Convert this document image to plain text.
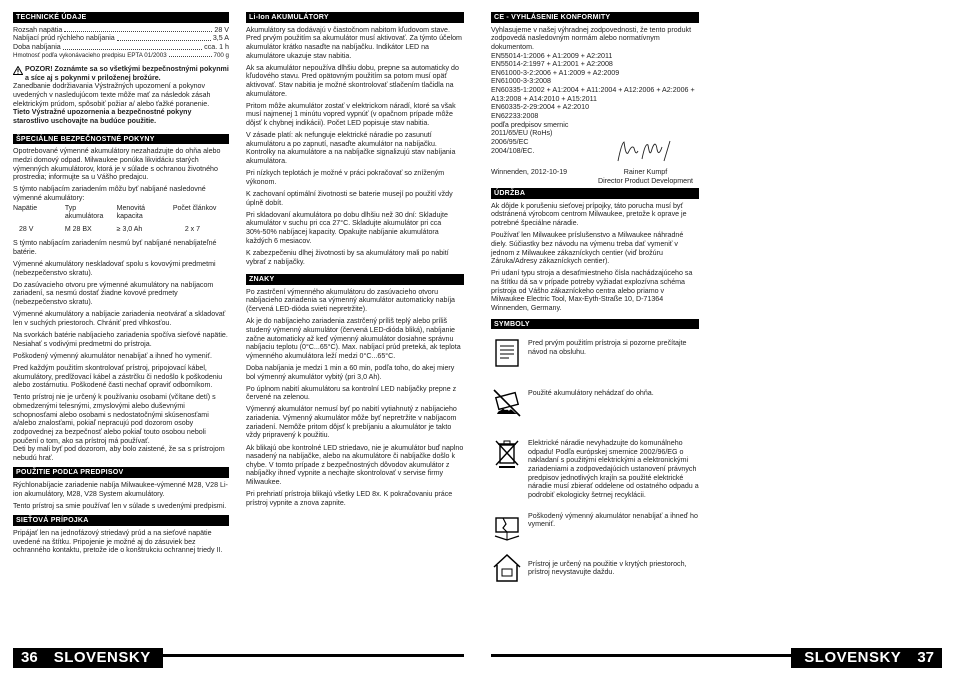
TECHNICKÉ ÚDAJE
Rozsah napätia	28 V
Nabíjací prúd rýchleho nabíjania	3,5 A
Doba nabíjania	cca. 1 h
Hmotnosť podľa vykonávacieho predpisu EPTA 01/2003	700 g

POZOR! Zoznámte sa so všetkými bezpečnostnými pokynmi a síce aj s pokynmi v priloženej brožúre.

Zanedbanie dodržiavania Výstražných upozornení a pokynov uvedených v nasledujúcom texte môže mať za následok zásah elektrickým prúdom, spôsobiť požiar a/ alebo ťažké poranenie.

Tieto Výstražné upozornenia a bezpečnostné pokyny starostlivo uschovajte na budúce použitie.

ŠPECIÁLNE BEZPEČNOSTNÉ POKYNY

Opotrebované výmenné akumulátory nezahadzujte do ohňa alebo medzi domový odpad. Milwaukee ponúka likvidáciu starých výmenných akumulátorov, ktorá je v súlade s ochranou životného prostredia; informujte sa u Vášho predajcu.

S týmto nabíjacím zariadením môžu byť nabíjané nasledovné výmenné akumulátory:

Napätie	Typ akumulátora	Menovitá kapacita	Počet článkov
28 V	M 28 BX	≥ 3,0 Ah	2 x 7

S týmto nabíjacím zariadením nesmú byť nabíjané nenabíjateľné batérie.

Výmenné akumulátory neskladovať spolu s kovovými predmetmi (nebezpečenstvo skratu).

Do zasúvacieho otvoru pre výmenné akumulátory na nabíjacom zariadení, sa nesmú dostať žiadne kovové predmety (nebezpečenstvo skratu).

Výmenné akumulátory a nabíjacie zariadenia neotvárať a skladovať len v suchých priestoroch. Chrániť pred vlhkosťou.

Na svorkách batérie nabíjacieho zariadenia spočíva sieťové napätie. Nesiahať s vodivými predmetmi do prístroja.

Poškodený výmenný akumulátor nenabíjať a ihneď ho vymeniť.

Pred každým použitím skontrolovať prístroj, pripojovací kábel, akumulátory, predlžovací kábel a zástrčku či nedošlo k poškodeniu alebo zostárnutiu. Poškodené časti nechať opraviť odborníkom.

Tento prístroj nie je určený k používaniu osobami (včítane detí) s obmedzenými telesnými, zmyslovými alebo duševnými schopnosťami alebo osobami s nedostatočnými skúsenosťami a/alebo znalosťami, pokiaľ nepracujú pod dozorom osoby zodpovednej za bezpečnosť alebo pokiaľ touto osobou neboli poučení o tom, ako sa prístroj má používať.

Deti by mali byť pod dozorom, aby bolo zaistené, že sa s prístrojom nebudú hrať.

POUŽITIE PODĽA PREDPISOV

Rýchlonabíjacie zariadenie nabíja Milwaukee-výmenné M28, V28 Li-ion akumulátory, M28, V28 System akumulátory.

Tento prístroj sa smie používať len v súlade s uvedenými predpismi.

SIEŤOVÁ PRÍPOJKA

Pripájať len na jednofázový striedavý prúd a na sieťové napätie uvedené na štítku. Pripojenie je možné aj do zásuviek bez ochranného kontaktu, pretože ide o konštrukciu ochrannej triedy II.

Li-Ion AKUMULÁTORY

Akumulátory sa dodávajú v čiastočnom nabitom kľudovom stave. Pred prvým použitím sa akumulátor musí aktivovať. Za týmto účelom akumulátor krátko nasaďte na nabíjačku. Indikátor LED na akumulátore ukazuje stav nabitia.

Ak sa akumulátor nepoužíva dlhšiu dobu, prepne sa automaticky do kľudového stavu. Pred opätovným použitím sa potom musí opäť aktivovať. Stav nabitia je možné skontrolovať stlačením tlačidla na akumulátore.

Pritom môže akumulátor zostať v elektrickom náradí, ktoré sa však musí najmenej 1 minútu vopred vypnúť (v opačnom prípade môže dôjsť k chybnej indikácii). Počet LED popisuje stav nabitia.

V zásade platí: ak nefunguje elektrické náradie po zasunutí akumulátoru a po zapnutí, nasaďte akumulátor na nabíjačku. Kontrolky na akumulátore a na nabíjačke signalizujú stav nabíjania akumulátora.

Pri nízkych teplotách je možné v práci pokračovať so zníženým výkonom.

K zachovaní optimální životnosti se baterie musejí po použití vždy úplně dobít.

Pri skladovaní akumulátora po dobu dlhšiu než 30 dní: Skladujte akumulátor v suchu pri cca 27°C. Skladujte akumulátor pri cca 30%-50% nabíjacej kapacity. Opakujte nabíjanie akumulátora každých 6 mesiacov.

K zabezpečeniu dlhej životnosti by sa akumulátory mali po nabití vybrať z nabíjačky.

ZNAKY

Po zastrčení výmenného akumulátoru do zasúvacieho otvoru nabíjacieho zariadenia sa výmenný akumulátor automaticky nabíja (červená LED-dióda svieti nepretržite).

Ak je do nabíjacieho zariadenia zastrčený príliš teplý alebo príliš studený výmenný akumulátor (červená LED-dióda bliká), nabíjanie začne automaticky až keď výmenný akumulátor dosiahne správnu nabíjaciu teplotu (0°C...65°C). Max. nabíjací prúd preteká, ak teplota výmenného akumulátora leží medzi 0°C...65°C.

Doba nabíjania je medzi 1 min a 60 min, podľa toho, do akej miery bol výmenný akumulátor vybitý (pri 3,0 Ah).

Po úplnom nabití akumulátoru sa kontrolní LED nabíjačky prepne z červené na zelenou.

Výmenný akumulátor nemusí byť po nabití vytiahnutý z nabíjacieho zariadenia. Výmenný akumulátor môže byť nepretržite v nabíjacom zariadení. Nemôže pritom dôjsť k prebíjaniu a akumulátor je takto vždy pripravený k použitiu.

Ak blikajú obe kontrolné LED striedavo, nie je akumulátor buď naplno nasadený na nabíjačke, alebo na akumulátore či nabíjačke došlo k chybe. V tomto prípade z bezpečnostných dôvodov akumulátor z nabíjačky ihneď vypnite a nechajte skontrolovať v servise firmy Milwaukee.

Pri prehriatí prístroja blikajú všetky LED 8x. K pokračovaniu práce prístroj vypnite a znova zapnite.

CE - VYHLÁSENIE KONFORMITY

Vyhlasujeme v našej výhradnej zodpovednosti, že tento produkt zodpovedá nasledovným normám alebo normatívnym dokumentom.

EN55014-1:2006 + A1:2009 + A2:2011
EN55014-2:1997 + A1:2001 + A2:2008
EN61000-3-2:2006 + A1:2009 + A2:2009
EN61000-3-3:2008
EN60335-1:2002 + A1:2004 + A11:2004 + A12:2006 + A2:2006 + A13:2008 + A14:2010 + A15:2011
EN60335-2-29:2004 + A2:2010
EN62233:2008
podľa predpisov smernic
2011/65/EU (RoHs)
2006/95/EC
2004/108/EC.

Winnenden, 2012-10-19	Rainer Kumpf
Director Product Development
ÚDRŽBA

Ak dôjde k poruše​niu sieťovej prípojky, táto porucha musí byť odstránená výrobcom centrom Milwaukee, pretože k oprave je potrebné špeciálne náradie.

Používať len Milwaukee príslušenstvo a Milwaukee náhradné diely. Súčiastky bez návodu na výmenu treba dať vymeniť v jednom z Milwaukee zákazníckych centier (viď brožúru Záruka/Adresy zákazníckych centier).

Pri udaní typu stroja a desaťmiestneho čísla nachádzajúceho sa na štítku dá sa v prípade potreby vyžiadat explozívna schéma prístroja od Vášho zákazníckeho centra alebo priamo v Milwaukee Electric Tool, Max-Eyth-Straße 10, D-71364 Winnenden, Germany.

SYMBOLY
Pred prvým použitím prístroja si pozorne prečítajte návod na obsluhu.
Použité akumulátory nehádzať do ohňa.
Elektrické náradie nevyhadzujte do komunálneho odpadu! Podľa európskej smernice 2002/96/EG o nakladaní s použitými elektrickými a elektronickými zariadeniami a zodpovedajúcich ustanovení právnych predpisov jednotlivých krajín sa použité elektrické náradie musí zbierať oddelene od ostatného odpadu a podrobiť ekologicky šetrnej recyklácii.
Poškodený výmenný akumulátor nenabíjať a ihneď ho vymeniť.
Prístroj je určený na použitie v krytých priestoroch, prístroj nevystavujte daždu.
36	SLOVENSKY	SLOVENSKY	37
